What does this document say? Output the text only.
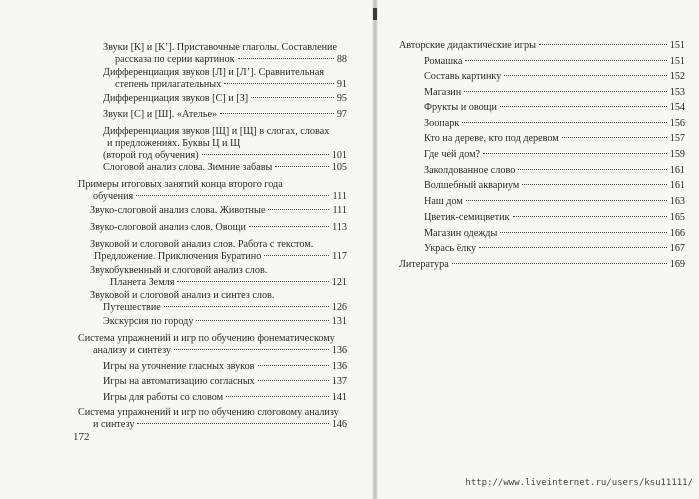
Звуки [К] и [К’]. Приставочные глаголы. Составление
рассказа по серии картинок	88
Дифференциация звуков [Л] и [Л’]. Сравнительная
степень прилагательных	91
Дифференциация звуков [С] и [З]	95
Звуки [С] и [Ш]. «Ателье»	97
Дифференциация звуков [Щ] и [Щ] в слогах, словах
и предложениях. Буквы Ц и Щ
(второй год обучения)	101
Слоговой анализ слова. Зимние забавы	105
Примеры итоговых занятий конца второго года
обучения	111
Звуко-слоговой анализ слова. Животные	111
Звуко-слоговой анализ слов. Овощи	113
Звуковой и слоговой анализ слов. Работа с текстом.
Предложение. Приключения Буратино	117
Звукобуквенный и слоговой анализ слов.
Планета Земля	121
Звуковой и слоговой анализ и синтез слов.
Путешествие	126
Экскурсия по городу	131
Система упражнений и игр по обучению фонематическому
анализу и синтезу	136
Игры на уточнение гласных звуков	136
Игры на автоматизацию согласных	137
Игры для работы со словом	141
Система упражнений и игр по обучению слоговому анализу
и синтезу	146
172
Авторские дидактические игры	151
Ромашка	151
Составь картинку	152
Магазин	153
Фрукты и овощи	154
Зоопарк	156
Кто на дереве, кто под деревом	157
Где чей дом?	159
Заколдованное слово	161
Волшебный аквариум	161
Наш дом	163
Цветик-семицветик	165
Магазин одежды	166
Укрась ёлку	167
Литература	169
http://www.liveinternet.ru/users/ksu11111/
